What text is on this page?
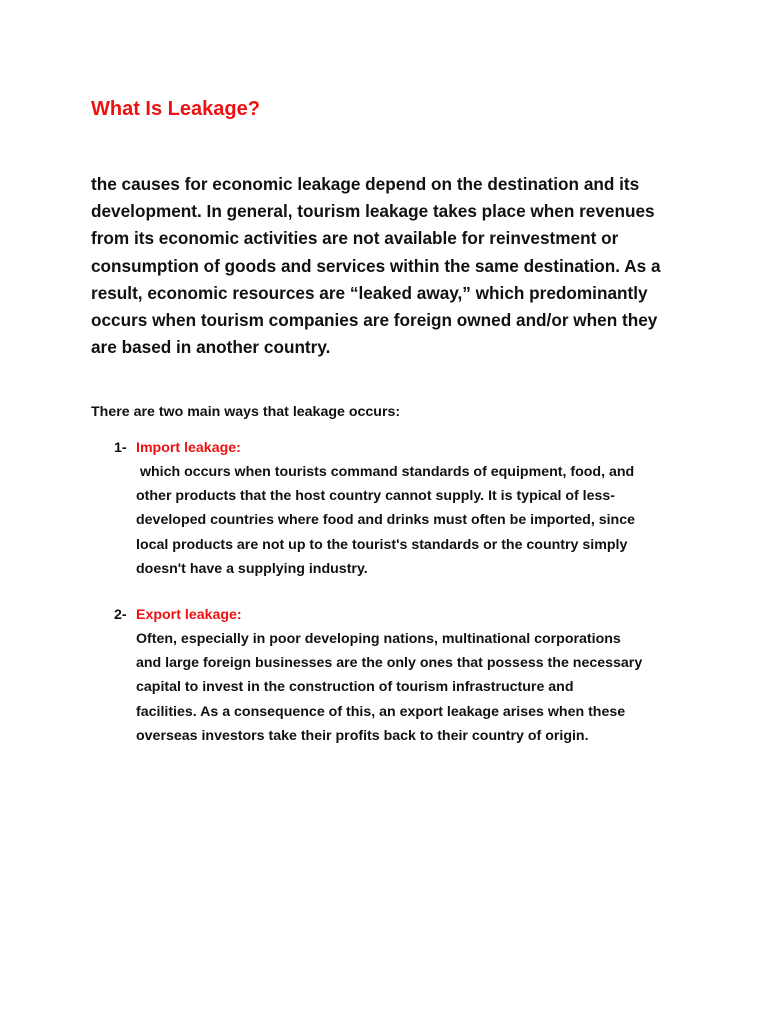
What Is Leakage?
the causes for economic leakage depend on the destination and its
development. In general, tourism leakage takes place when revenues
from its economic activities are not available for reinvestment or
consumption of goods and services within the same destination. As a
result, economic resources are “leaked away,” which predominantly
occurs when tourism companies are foreign owned and/or when they
are based in another country.
There are two main ways that leakage occurs:
1- Import leakage:
which occurs when tourists command standards of equipment, food, and
other products that the host country cannot supply. It is typical of less-
developed countries where food and drinks must often be imported, since
local products are not up to the tourist's standards or the country simply
doesn't have a supplying industry.
2- Export leakage:
Often, especially in poor developing nations, multinational corporations
and large foreign businesses are the only ones that possess the necessary
capital to invest in the construction of tourism infrastructure and
facilities. As a consequence of this, an export leakage arises when these
overseas investors take their profits back to their country of origin.
